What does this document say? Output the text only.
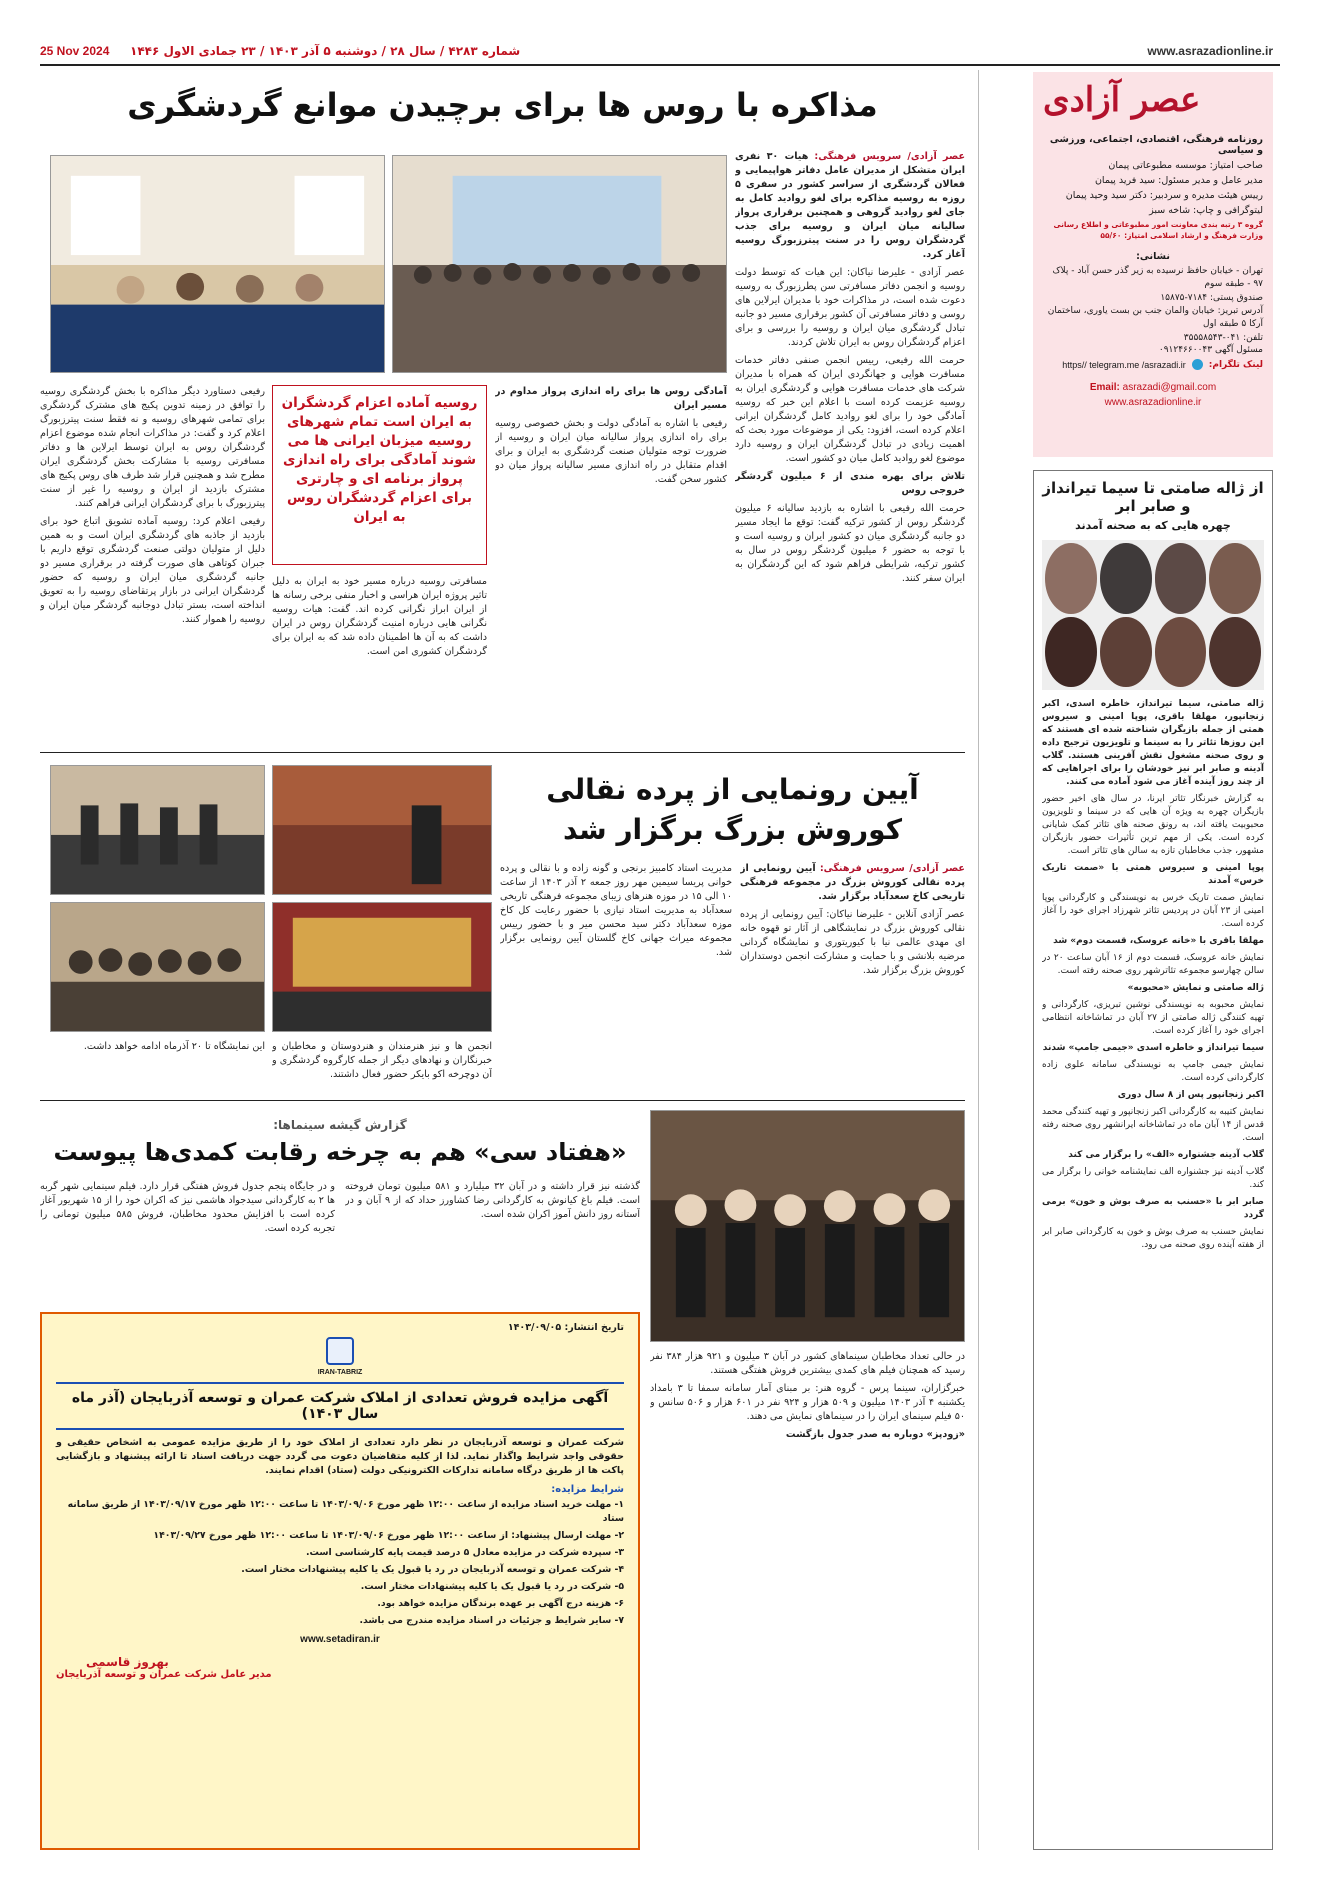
www.asrazadionline.ir
شماره ۴۲۸۳ / سال ۲۸ / دوشنبه ۵ آذر ۱۴۰۳ / ۲۳ جمادی الاول ۱۴۴۶
25 Nov 2024
عصر آزادی
روزنامه فرهنگی، اقتصادی، اجتماعی، ورزشی و سیاسی
صاحب امتیاز: موسسه مطبوعاتی پیمان
مدیر عامل و مدیر مسئول: سید فرید پیمان
رییس هیئت مدیره و سردبیر: دکتر سید وحید پیمان
لیتوگرافی و چاپ: شاخه سبز
گروه ۳ رتبه بندی معاونت امور مطبوعاتی و اطلاع رسانی وزارت فرهنگ و ارشاد اسلامی امتیاز: ۵۵/۶۰
نشانی:
تهران - خیابان حافظ نرسیده به زیر گذر حسن آباد - پلاک ۹۷ - طبقه سوم
صندوق پستی: ۷۱۸۴-۱۵۸۷۵
آدرس تبریز: خیابان والمان جنب بن بست یاوری، ساختمان آرکا ۵ طبقه اول
تلفن: ۰۴۱-۳۵۵۵۸۵۴۳
مسئول آگهی ۰۹۱۲۴۶۶۰۰۴۳
لینک تلگرام:
https// telegram.me /asrazadi.ir
Email: asrazadi@gmail.com
www.asrazadionline.ir
از ژاله صامتی تا سیما تیرانداز و صابر ابر
چهره هایی که به صحنه آمدند

ژاله صامتی، سیما تیرانداز، خاطره اسدی، اکبر زنجانپور، مهلقا باقری، پوپا امینی و سیروس همتی از جمله بازیگران شناخته شده ای هستند که این روزها تئاتر را به سینما و تلویزیون ترجیح داده و روی صحنه مشغول نقش آفرینی هستند. گلاب آدینه و صابر ابر نیز خودشان را برای اجراهایی که از چند روز آینده آغاز می شود آماده می کنند.

به گزارش خبرنگار تئاتر ایرنا، در سال های اخیر حضور بازیگران چهره به ویژه آن هایی که در سینما و تلویزیون محبوبیت یافته اند، به رونق صحنه های تئاتر کمک شایانی کرده است. یکی از مهم ترین تأثیرات حضور بازیگران مشهور، جذب مخاطبان تازه به سالن های تئاتر است.

پوپا امینی و سیروس همتی با «صمت تاریک خرس» آمدند

نمایش صمت تاریک خرس به نویسندگی و کارگردانی پوپا امینی از ۲۳ آبان در پردیس تئاتر شهرزاد اجرای خود را آغاز کرده است.

مهلقا باقری با «خانه عروسک، قسمت دوم» شد

نمایش خانه عروسک، قسمت دوم از ۱۶ آبان ساعت ۲۰ در سالن چهارسو مجموعه تئاترشهر روی صحنه رفته است.

ژاله صامتی و نمایش «محبوبه»

نمایش محبوبه به نویسندگی نوشین تبریزی، کارگردانی و تهیه کنندگی ژاله صامتی از ۲۷ آبان در تماشاخانه انتظامی اجرای خود را آغاز کرده است.

سیما تیرانداز و خاطره اسدی «جیمی جامپ» شدند

نمایش جیمی جامپ به نویسندگی سامانه علوی زاده کارگردانی کرده است.

اکبر زنجانپور پس از ۸ سال دوری

نمایش کتیبه به کارگردانی اکبر زنجانپور و تهیه کنندگی محمد قدس از ۱۴ آبان ماه در تماشاخانه ایرانشهر روی صحنه رفته است.

گلاب آدینه جشنواره «الف» را برگزار می کند

گلاب آدینه نیز جشنواره الف نمایشنامه خوانی را برگزار می کند.

صابر ابر با «حسنب به صرف بوش و خون» برمی گردد

نمایش حسنب به صرف بوش و خون به کارگردانی صابر ابر از هفته آینده روی صحنه می رود.

مذاکره با روس ها برای برچیدن موانع گردشگری

عصر آزادی/ سرویس فرهنگی: هیات ۳۰ نفری ایران متشکل از مدیران عامل دفاتر هواپیمایی و فعالان گردشگری از سراسر کشور در سفری ۵ روزه به روسیه مذاکره برای لغو روادید کامل به جای لغو روادید گروهی و همچنین برقراری پرواز سالیانه میان ایران و روسیه برای جذب گردشگران روس را در سنت پیترزبورگ روسیه آغاز کرد.

عصر آزادی - علیرضا نیاکان: این هیات که توسط دولت روسیه و انجمن دفاتر مسافرتی سن پطرزبورگ به روسیه دعوت شده است، در مذاکرات خود با مدیران ایرلاین های روسی و دفاتر مسافرتی آن کشور برقراری مسیر دو جانبه تبادل گردشگری میان ایران و روسیه را بررسی و برای اعزام گردشگران روس به ایران تلاش کردند.

حرمت الله رفیعی، رییس انجمن صنفی دفاتر خدمات مسافرت هوایی و جهانگردی ایران که همراه با مدیران شرکت های خدمات مسافرت هوایی و گردشگری ایران به روسیه عزیمت کرده است با اعلام این خبر که روسیه آمادگی خود را برای لغو روادید کامل گردشگران ایرانی اعلام کرده است، افزود: یکی از موضوعات مورد بحث که اهمیت زیادی در تبادل گردشگران ایران و روسیه دارد موضوع لغو روادید کامل میان دو کشور است.

تلاش برای بهره مندی از ۶ میلیون گردشگر خروجی روس

حرمت الله رفیعی با اشاره به بازدید سالیانه ۶ میلیون گردشگر روس از کشور ترکیه گفت: توقع ما ایجاد مسیر دو جانبه گردشگری میان دو کشور ایران و روسیه است و با توجه به حضور ۶ میلیون گردشگر روس در سال به کشور ترکیه، شرایطی فراهم شود که این گردشگران به ایران سفر کنند.

آمادگی روس ها برای راه اندازی پرواز مداوم در مسیر ایران

رفیعی با اشاره به آمادگی دولت و بخش خصوصی روسیه برای راه اندازی پرواز سالیانه میان ایران و روسیه از ضرورت توجه متولیان صنعت گردشگری به ایران و برای اقدام متقابل در راه اندازی مسیر سالیانه پرواز میان دو کشور سخن گفت.

روسیه آماده اعزام گردشگران به ایران است تمام شهرهای روسیه میزبان ایرانی ها می شوند آمادگی برای راه اندازی پرواز برنامه ای و چارتری برای اعزام گردشگران روس به ایران

مسافرتی روسیه درباره مسیر خود به ایران به دلیل تاثیر پروژه ایران هراسی و اخبار منفی برخی رسانه ها از ایران ابراز نگرانی کرده اند. گفت: هیات روسیه نگرانی هایی درباره امنیت گردشگران روس در ایران داشت که به آن ها اطمینان داده شد که به ایران برای گردشگران کشوری امن است.

رفیعی دستاورد دیگر مذاکره با بخش گردشگری روسیه را توافق در زمینه تدوین پکیج های مشترک گردشگری برای تمامی شهرهای روسیه و نه فقط سنت پیترزبورگ اعلام کرد و گفت: در مذاکرات انجام شده موضوع اعزام گردشگران روس به ایران توسط ایرلاین ها و دفاتر مسافرتی روسیه با مشارکت بخش گردشگری ایران مطرح شد و همچنین قرار شد طرف های روس پکیج های مشترک بازدید از ایران و روسیه را غیر از سنت پیترزبورگ با برای گردشگران ایرانی فراهم کنند.

رفیعی اعلام کرد: روسیه آماده تشویق اتباع خود برای بازدید از جاذبه های گردشگری ایران است و به همین دلیل از متولیان دولتی صنعت گردشگری توقع داریم با جبران کوتاهی های صورت گرفته در برقراری مسیر دو جانبه گردشگری میان ایران و روسیه که حضور گردشگران ایرانی در بازار پرتقاضای روسیه را به تعویق انداخته است، بستر تبادل دوجانبه گردشگر میان ایران و روسیه را هموار کنند.

آیین رونمایی از پرده نقالی کوروش بزرگ برگزار شد

عصر آزادی/ سرویس فرهنگی: آیین رونمایی از پرده نقالی کوروش بزرگ در مجموعه فرهنگی تاریخی کاخ سعدآباد برگزار شد.

عصر آزادی آنلاین - علیرضا نیاکان: آیین رونمایی از پرده نقالی کوروش بزرگ در نمایشگاهی از آثار تو قهوه خانه ای مهدی عالمی نیا با کیوریتوری و نمایشگاه گردانی مرضیه بلانشی و با حمایت و مشارکت انجمن دوستداران کوروش بزرگ برگزار شد.

مدیریت استاد کامبیز برنجی و گونه زاده و با نقالی و پرده خوانی پریسا سیمین مهر روز جمعه ۲ آذر ۱۴۰۳ از ساعت ۱۰ الی ۱۵ در موزه هنرهای زیبای مجموعه فرهنگی تاریخی سعدآباد به مدیریت استاد نیازی با حضور رعایت کل کاخ موزه سعدآباد دکتر سید محسن میر و با حضور رییس مجموعه میراث جهانی کاخ گلستان آیین رونمایی برگزار شد.

انجمن ها و نیز هنرمندان و هنردوستان و مخاطبان و خبرنگاران و نهادهای دیگر از جمله کارگروه گردشگری و آن دوچرخه اکو بایکر حضور فعال داشتند.

این نمایشگاه تا ۲۰ آذرماه ادامه خواهد داشت.

گزارش گیشه سینماها:
«هفتاد سی» هم به چرخه رقابت کمدی‌ها پیوست

در حالی تعداد مخاطبان سینماهای کشور در آبان ۳ میلیون و ۹۲۱ هزار ۳۸۴ نفر رسید که همچنان فیلم های کمدی بیشترین فروش هفتگی هستند.

خبرگزاران، سینما پرس - گروه هنر: بر مبنای آمار سامانه سمفا تا ۳ بامداد یکشنبه ۴ آذر ۱۴۰۳ میلیون و ۵۰۹ هزار و ۹۲۴ نفر در ۶۰۱ هزار و ۵۰۶ سانس و ۵۰ فیلم سینمای ایران را در سینماهای نمایش می دهند.

«زودپز» دوباره به صدر جدول بازگشت

گذشته نیز قرار داشته و در آبان ۳۲ میلیارد و ۵۸۱ میلیون تومان فروخته است. فیلم باغ کیانوش به کارگردانی رضا کشاورز حداد که از ۹ آبان و در آستانه روز دانش آموز اکران شده است.

و در جایگاه پنجم جدول فروش هفتگی قرار دارد. فیلم سینمایی شهر گربه ها ۲ به کارگردانی سیدجواد هاشمی نیز که اکران خود را از ۱۵ شهریور آغاز کرده است با افزایش محدود مخاطبان، فروش ۵۸۵ میلیون تومانی را تجربه کرده است.

تاریخ انتشار: ۱۴۰۳/۰۹/۰۵
IRAN-TABRIZ
آگهی مزایده فروش تعدادی از املاک شرکت عمران و توسعه آذربایجان (آذر ماه سال ۱۴۰۳)
شرکت عمران و توسعه آذربایجان در نظر دارد تعدادی از املاک خود را از طریق مزایده عمومی به اشخاص حقیقی و حقوقی واجد شرایط واگذار نماید. لذا از کلیه متقاضیان دعوت می گردد جهت دریافت اسناد تا ارائه پیشنهاد و بازگشایی پاکت ها از طریق درگاه سامانه تدارکات الکترونیکی دولت (ستاد) اقدام نمایند.
شرایط مزایده:
۱- مهلت خرید اسناد مزایده از ساعت ۱۲:۰۰ ظهر مورخ ۱۴۰۳/۰۹/۰۶ تا ساعت ۱۲:۰۰ ظهر مورخ ۱۴۰۳/۰۹/۱۷ از طریق سامانه ستاد
۲- مهلت ارسال پیشنهاد: از ساعت ۱۲:۰۰ ظهر مورخ ۱۴۰۳/۰۹/۰۶ تا ساعت ۱۲:۰۰ ظهر مورخ ۱۴۰۳/۰۹/۲۷
۳- سپرده شرکت در مزایده معادل ۵ درصد قیمت پایه کارشناسی است.
۴- شرکت عمران و توسعه آذربایجان در رد یا قبول یک یا کلیه پیشنهادات مختار است.
۵- شرکت در رد یا قبول یک یا کلیه پیشنهادات مختار است.
۶- هزینه درج آگهی بر عهده برندگان مزایده خواهد بود.
۷- سایر شرایط و جزئیات در اسناد مزایده مندرج می باشد.
www.setadiran.ir
بهروز قاسمی
مدیر عامل شرکت عمران و توسعه آذربایجان
